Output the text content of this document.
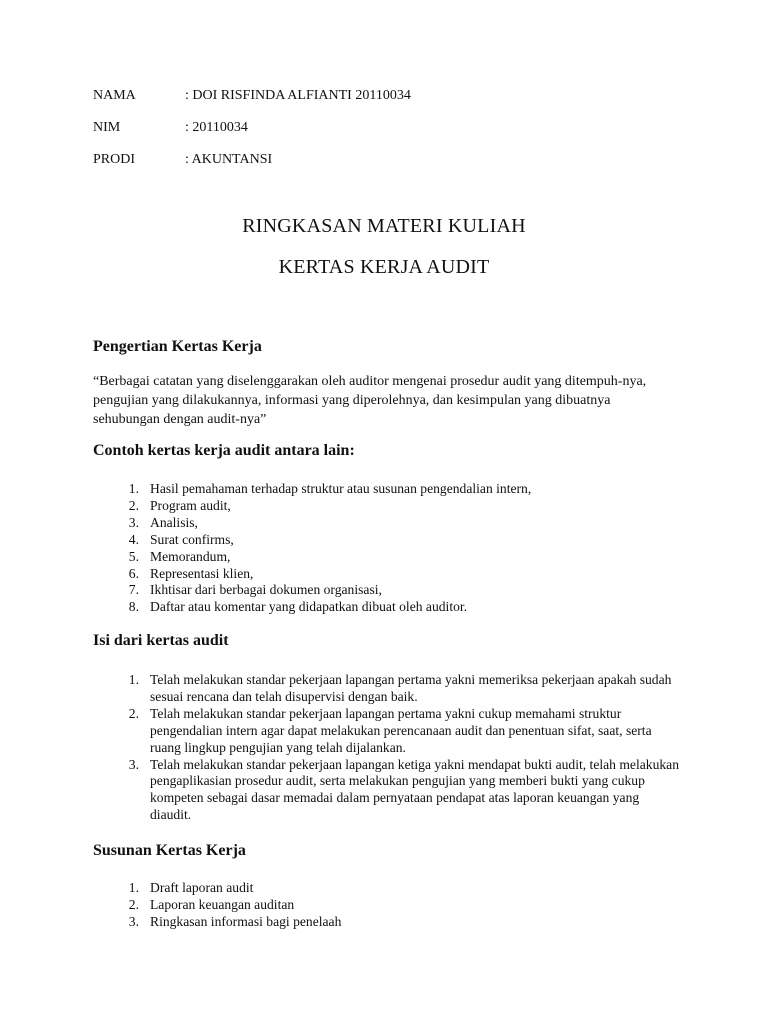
NAMA	: DOI RISFINDA ALFIANTI 20110034
NIM	: 20110034
PRODI	: AKUNTANSI
RINGKASAN MATERI KULIAH
KERTAS KERJA AUDIT
Pengertian Kertas Kerja
“Berbagai catatan yang diselenggarakan oleh auditor mengenai prosedur audit yang ditempuh-nya, pengujian yang dilakukannya, informasi yang diperolehnya, dan kesimpulan yang dibuatnya sehubungan dengan audit-nya”
Contoh kertas kerja audit antara lain:
1. Hasil pemahaman terhadap struktur atau susunan pengendalian intern,
2. Program audit,
3. Analisis,
4. Surat confirms,
5. Memorandum,
6. Representasi klien,
7. Ikhtisar dari berbagai dokumen organisasi,
8. Daftar atau komentar yang didapatkan dibuat oleh auditor.
Isi dari kertas audit
1. Telah melakukan standar pekerjaan lapangan pertama yakni memeriksa pekerjaan apakah sudah sesuai rencana dan telah disupervisi dengan baik.
2. Telah melakukan standar pekerjaan lapangan pertama yakni cukup memahami struktur pengendalian intern agar dapat melakukan perencanaan audit dan penentuan sifat, saat, serta ruang lingkup pengujian yang telah dijalankan.
3. Telah melakukan standar pekerjaan lapangan ketiga yakni mendapat bukti audit, telah melakukan pengaplikasian prosedur audit, serta melakukan pengujian yang memberi bukti yang cukup kompeten sebagai dasar memadai dalam pernyataan pendapat atas laporan keuangan yang diaudit.
Susunan Kertas Kerja
1. Draft laporan audit
2. Laporan keuangan auditan
3. Ringkasan informasi bagi penelaah
